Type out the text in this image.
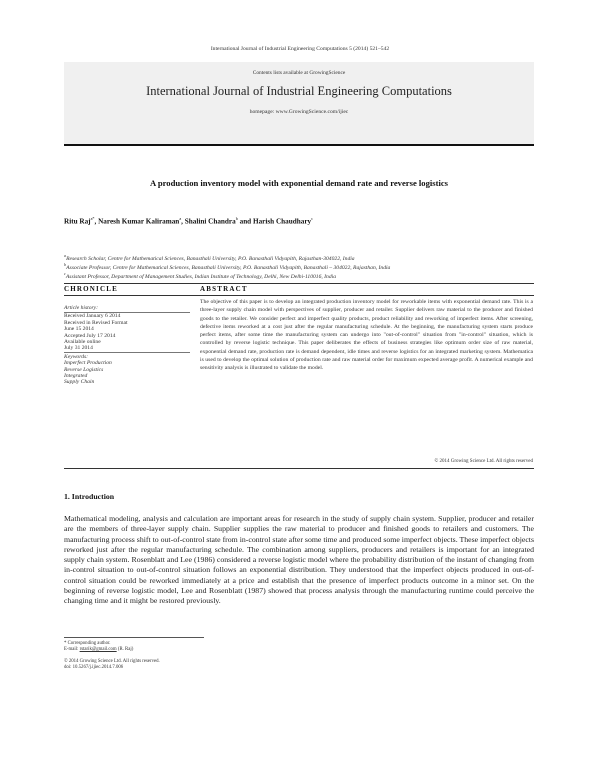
International Journal of Industrial Engineering Computations 5 (2014) 521–542
Contents lists available at GrowingScience
International Journal of Industrial Engineering Computations
homepage: www.GrowingScience.com/ijiec
A production inventory model with exponential demand rate and reverse logistics
Ritu Raj$^{a*}$, Naresh Kumar Kaliraman$^a$, Shalini Chandra$^b$ and Harish Chaudhary$^c$
$^a$Research Scholar, Centre for Mathematical Sciences, Banasthali University, P.O. Banasthali Vidyapith, Rajasthan-304022, India
$^b$Associate Professor, Centre for Mathematical Sciences, Banasthali University, P.O. Banasthali Vidyapith, Banasthali – 304022, Rajasthan, India
$^c$Assistant Professor, Department of Management Studies, Indian Institute of Technology, Delhi, New Delhi-110016, India
CHRONICLE	ABSTRACT
Article history:
Received January 6 2014
Received in Revised Format
June 15 2014
Accepted July 17 2014
Available online
July 31 2014
Keywords:
Imperfect Production
Reverse Logistics
Integrated
Supply Chain
The objective of this paper is to develop an integrated production inventory model for reworkable items with exponential demand rate. This is a three-layer supply chain model with perspectives of supplier, producer and retailer. Supplier delivers raw material to the producer and finished goods to the retailer. We consider perfect and imperfect quality products, product reliability and reworking of imperfect items. After screening, defective items reworked at a cost just after the regular manufacturing schedule. At the beginning, the manufacturing system starts produce perfect items, after some time the manufacturing system can undergo into "out-of-control" situation from "in-control" situation, which is controlled by reverse logistic technique. This paper deliberates the effects of business strategies like optimum order size of raw material, exponential demand rate, production rate is demand dependent, idle times and reverse logistics for an integrated marketing system. Mathematica is used to develop the optimal solution of production rate and raw material order for maximum expected average profit. A numerical example and sensitivity analysis is illustrated to validate the model.
© 2014 Growing Science Ltd. All rights reserved
1. Introduction
Mathematical modeling, analysis and calculation are important areas for research in the study of supply chain system. Supplier, producer and retailer are the members of three-layer supply chain. Supplier supplies the raw material to producer and finished goods to retailers and customers. The manufacturing process shift to out-of-control state from in-control state after some time and produced some imperfect objects. These imperfect objects reworked just after the regular manufacturing schedule. The combination among suppliers, producers and retailers is important for an integrated supply chain system. Rosenblatt and Lee (1986) considered a reverse logistic model where the probability distribution of the instant of changing from in-control situation to out-of-control situation follows an exponential distribution. They understood that the imperfect objects produced in out-of-control situation could be reworked immediately at a price and establish that the presence of imperfect products outcome in a minor set. On the beginning of reverse logistic model, Lee and Rosenblatt (1987) showed that process analysis through the manufacturing runtime could perceive the changing time and it might be restored previously.
* Corresponding author.
E-mail: rstarik@gmail.com (R. Raj)
© 2014 Growing Science Ltd. All rights reserved.
doi: 10.5267/j.ijiec.2014.7.006
